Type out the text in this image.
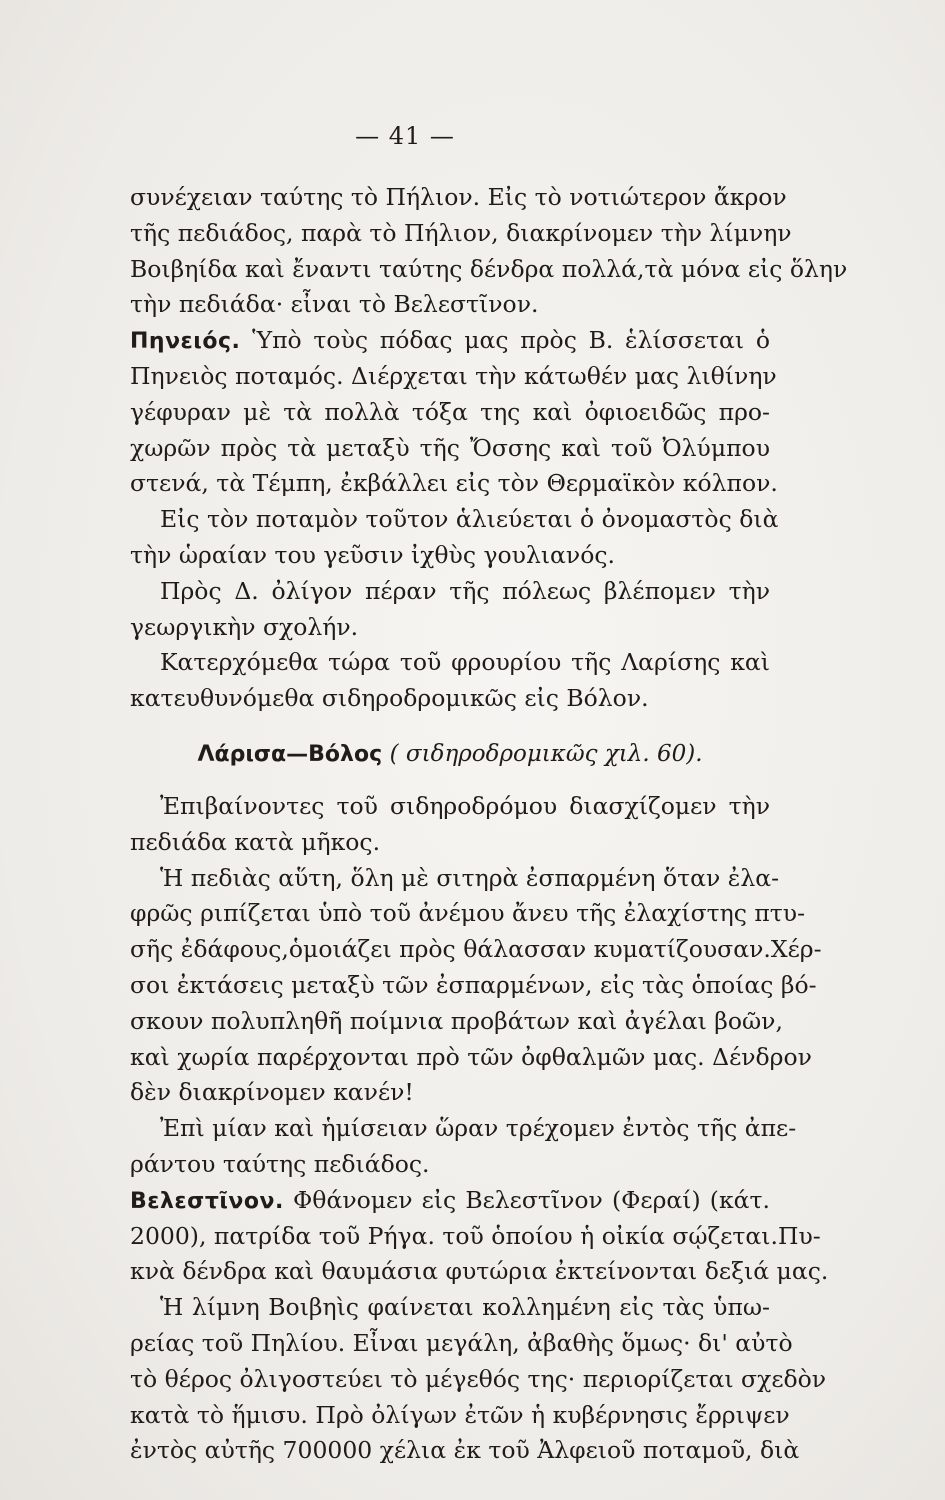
— 41 —
συνέχειαν ταύτης τὸ Πήλιον. Εἰς τὸ νοτιώτερον ἄκρον
τῆς πεδιάδος, παρὰ τὸ Πήλιον, διακρίνομεν τὴν λίμνην
Βοιβηίδα καὶ ἔναντι ταύτης δένδρα πολλά,τὰ μόνα εἰς ὅλην
τὴν πεδιάδα· εἶναι τὸ Βελεστῖνον.
Πηνειός. Ὑπὸ τοὺς πόδας μας πρὸς Β. ἑλίσσεται ὁ
Πηνειὸς ποταμός. Διέρχεται τὴν κάτωθέν μας λιθίνην
γέφυραν μὲ τὰ πολλὰ τόξα της καὶ ὀφιοειδῶς προ-
χωρῶν πρὸς τὰ μεταξὺ τῆς Ὄσσης καὶ τοῦ Ὀλύμπου
στενά, τὰ Τέμπη, ἐκβάλλει εἰς τὸν Θερμαϊκὸν κόλπον.
Εἰς τὸν ποταμὸν τοῦτον ἁλιεύεται ὁ ὀνομαστὸς διὰ
τὴν ὡραίαν του γεῦσιν ἰχθὺς γουλιανός.
Πρὸς Δ. ὀλίγον πέραν τῆς πόλεως βλέπομεν τὴν
γεωργικὴν σχολήν.
Κατερχόμεθα τώρα τοῦ φρουρίου τῆς Λαρίσης καὶ
κατευθυνόμεθα σιδηροδρομικῶς εἰς Βόλον.
Λάρισα—Βόλος ( σιδηροδρομικῶς χιλ. 60).
Ἐπιβαίνοντες τοῦ σιδηροδρόμου διασχίζομεν τὴν
πεδιάδα κατὰ μῆκος.
Ἡ πεδιὰς αὕτη, ὅλη μὲ σιτηρὰ ἐσπαρμένη ὅταν ἐλα-
φρῶς ριπίζεται ὑπὸ τοῦ ἀνέμου ἄνευ τῆς ἐλαχίστης πτυ-
σῆς ἐδάφους,ὁμοιάζει πρὸς θάλασσαν κυματίζουσαν.Χέρ-
σοι ἐκτάσεις μεταξὺ τῶν ἐσπαρμένων, εἰς τὰς ὁποίας βό-
σκουν πολυπληθῆ ποίμνια προβάτων καὶ ἀγέλαι βοῶν,
καὶ χωρία παρέρχονται πρὸ τῶν ὀφθαλμῶν μας. Δένδρον
δὲν διακρίνομεν κανέν!
Ἐπὶ μίαν καὶ ἡμίσειαν ὥραν τρέχομεν ἐντὸς τῆς ἀπε-
ράντου ταύτης πεδιάδος.
Βελεστῖνον. Φθάνομεν εἰς Βελεστῖνον (Φεραί) (κάτ.
2000), πατρίδα τοῦ Ρήγα. τοῦ ὁποίου ἡ οἰκία σῴζεται.Πυ-
κνὰ δένδρα καὶ θαυμάσια φυτώρια ἐκτείνονται δεξιά μας.
Ἡ λίμνη Βοιβηὶς φαίνεται κολλημένη εἰς τὰς ὑπω-
ρείας τοῦ Πηλίου. Εἶναι μεγάλη, ἀβαθὴς ὅμως· δι' αὐτὸ
τὸ θέρος ὀλιγοστεύει τὸ μέγεθός της· περιορίζεται σχεδὸν
κατὰ τὸ ἥμισυ. Πρὸ ὀλίγων ἐτῶν ἡ κυβέρνησις ἔρριψεν
ἐντὸς αὐτῆς 700000 χέλια ἐκ τοῦ Ἀλφειοῦ ποταμοῦ, διὰ
